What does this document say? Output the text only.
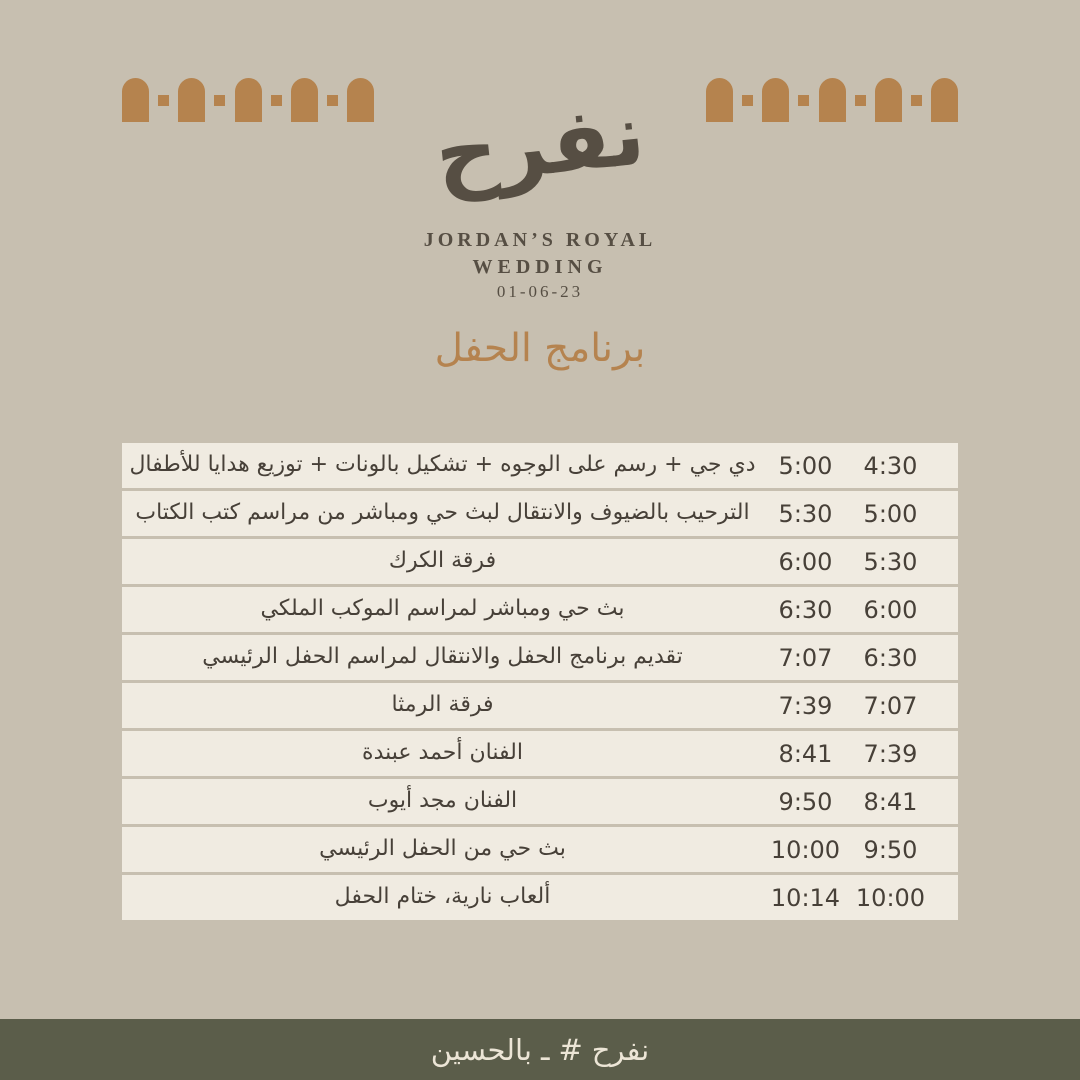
نفرح
JORDAN’S ROYAL
WEDDING
01-06-23
برنامج الحفل
دي جي + رسم على الوجوه + تشكيل بالونات + توزيع هدايا للأطفال 5:00	4:30
الترحيب بالضيوف والانتقال لبث حي ومباشر من مراسم كتب الكتاب	5:30	5:00
فرقة الكرك	6:00	5:30
بث حي ومباشر لمراسم الموكب الملكي	6:30	6:00
تقديم برنامج الحفل والانتقال لمراسم الحفل الرئيسي	7:07	6:30
فرقة الرمثا	7:39	7:07
الفنان أحمد عبندة	8:41	7:39
الفنان مجد أيوب	9:50	8:41
بث حي من الحفل الرئيسي	10:00 9:50
ألعاب نارية، ختام الحفل	10:14 10:00
بالحسين ـ # نفرح
